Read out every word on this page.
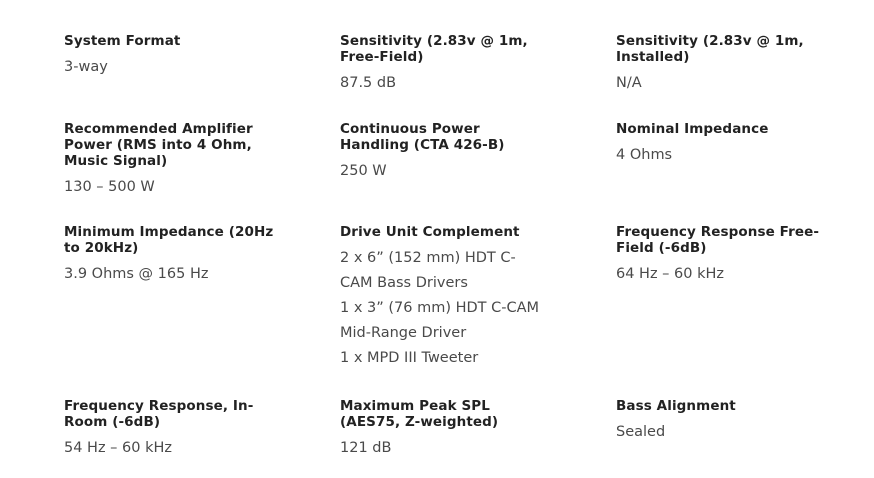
System Format
3-way
Sensitivity (2.83v @ 1m, Free-Field)
87.5 dB
Sensitivity (2.83v @ 1m, Installed)
N/A
Recommended Amplifier Power (RMS into 4 Ohm, Music Signal)
130 – 500 W
Continuous Power Handling (CTA 426-B)
250 W
Nominal Impedance
4 Ohms
Minimum Impedance (20Hz to 20kHz)
3.9 Ohms @ 165 Hz
Drive Unit Complement
2 x 6” (152 mm) HDT C-
CAM Bass Drivers
1 x 3” (76 mm) HDT C-CAM
Mid-Range Driver
1 x MPD III Tweeter
Frequency Response Free-Field (-6dB)
64 Hz – 60 kHz
Frequency Response, In-Room (-6dB)
54 Hz – 60 kHz
Maximum Peak SPL (AES75, Z-weighted)
121 dB
Bass Alignment
Sealed
